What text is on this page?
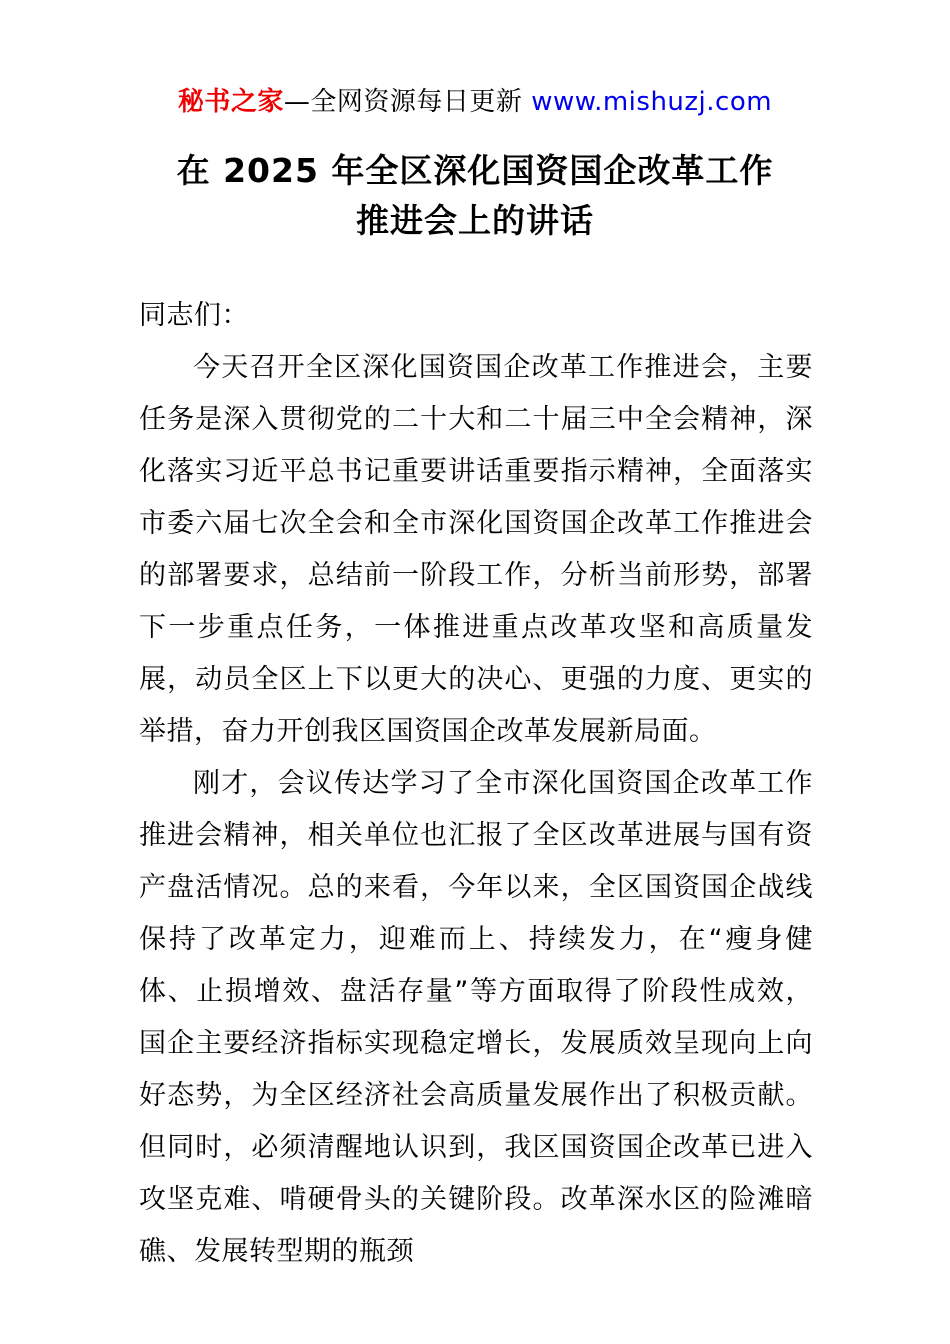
秘书之家—全网资源每日更新 www.mishuzj.com
在 2025 年全区深化国资国企改革工作
推进会上的讲话

同志们：

今天召开全区深化国资国企改革工作推进会，主要任务是深入贯彻党的二十大和二十届三中全会精神，深化落实习近平总书记重要讲话重要指示精神，全面落实市委六届七次全会和全市深化国资国企改革工作推进会的部署要求，总结前一阶段工作，分析当前形势，部署下一步重点任务，一体推进重点改革攻坚和高质量发展，动员全区上下以更大的决心、更强的力度、更实的举措，奋力开创我区国资国企改革发展新局面。

刚才，会议传达学习了全市深化国资国企改革工作推进会精神，相关单位也汇报了全区改革进展与国有资产盘活情况。总的来看，今年以来，全区国资国企战线保持了改革定力，迎难而上、持续发力，在“瘦身健体、止损增效、盘活存量”等方面取得了阶段性成效，国企主要经济指标实现稳定增长，发展质效呈现向上向好态势，为全区经济社会高质量发展作出了积极贡献。但同时，必须清醒地认识到，我区国资国企改革已进入攻坚克难、啃硬骨头的关键阶段。改革深水区的险滩暗礁、发展转型期的瓶颈
